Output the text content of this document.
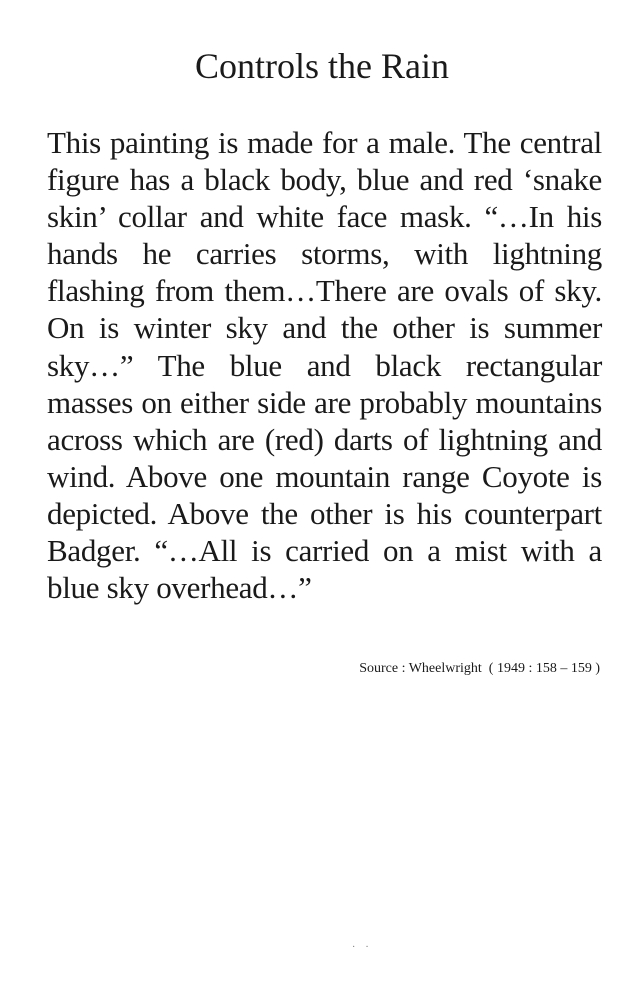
Controls the Rain

This painting is made for a male. The central figure has a black body, blue and red ‘snake skin’ collar and white face mask. “…In his hands he carries storms, with lightning flashing from them…There are ovals of sky. On is winter sky and the other is summer sky…” The blue and black rectangular masses on either side are probably mountains across which are (red) darts of lightning and wind. Above one mountain range Coyote is depicted. Above the other is his counterpart Badger. “…All is carried on a mist with a blue sky overhead…”

Source : Wheelwright  ( 1949 : 158 – 159 )

··
